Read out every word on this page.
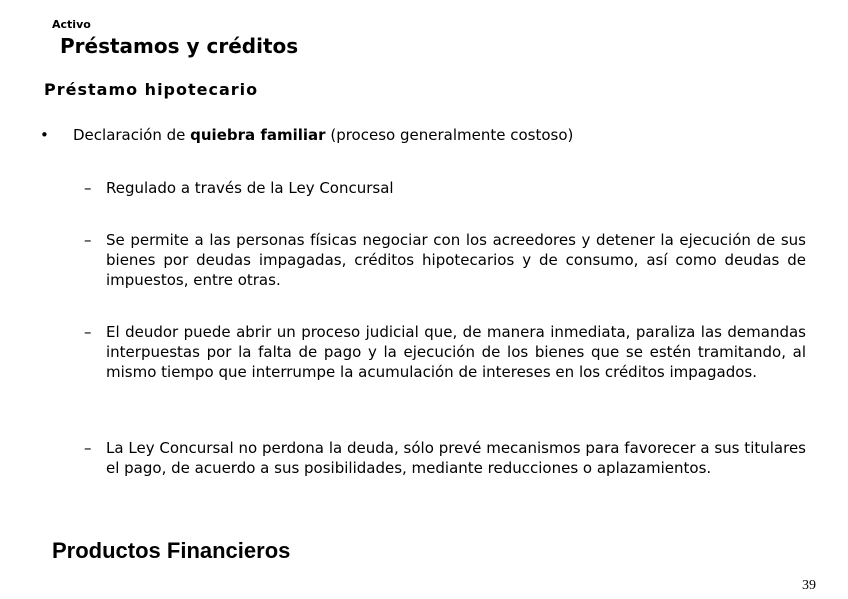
Activo
Préstamos y créditos
Préstamo hipotecario
• Declaración de quiebra familiar (proceso generalmente costoso)
– Regulado a través de la Ley Concursal
– Se permite a las personas físicas negociar con los acreedores y detener la ejecución de sus bienes por deudas impagadas, créditos hipotecarios y de consumo, así como deudas de impuestos, entre otras.
– El deudor puede abrir un proceso judicial que, de manera inmediata, paraliza las demandas interpuestas por la falta de pago y la ejecución de los bienes que se estén tramitando, al mismo tiempo que interrumpe la acumulación de intereses en los créditos impagados.
– La Ley Concursal no perdona la deuda, sólo prevé mecanismos para favorecer a sus titulares el pago, de acuerdo a sus posibilidades, mediante reducciones o aplazamientos.
Productos Financieros
39
